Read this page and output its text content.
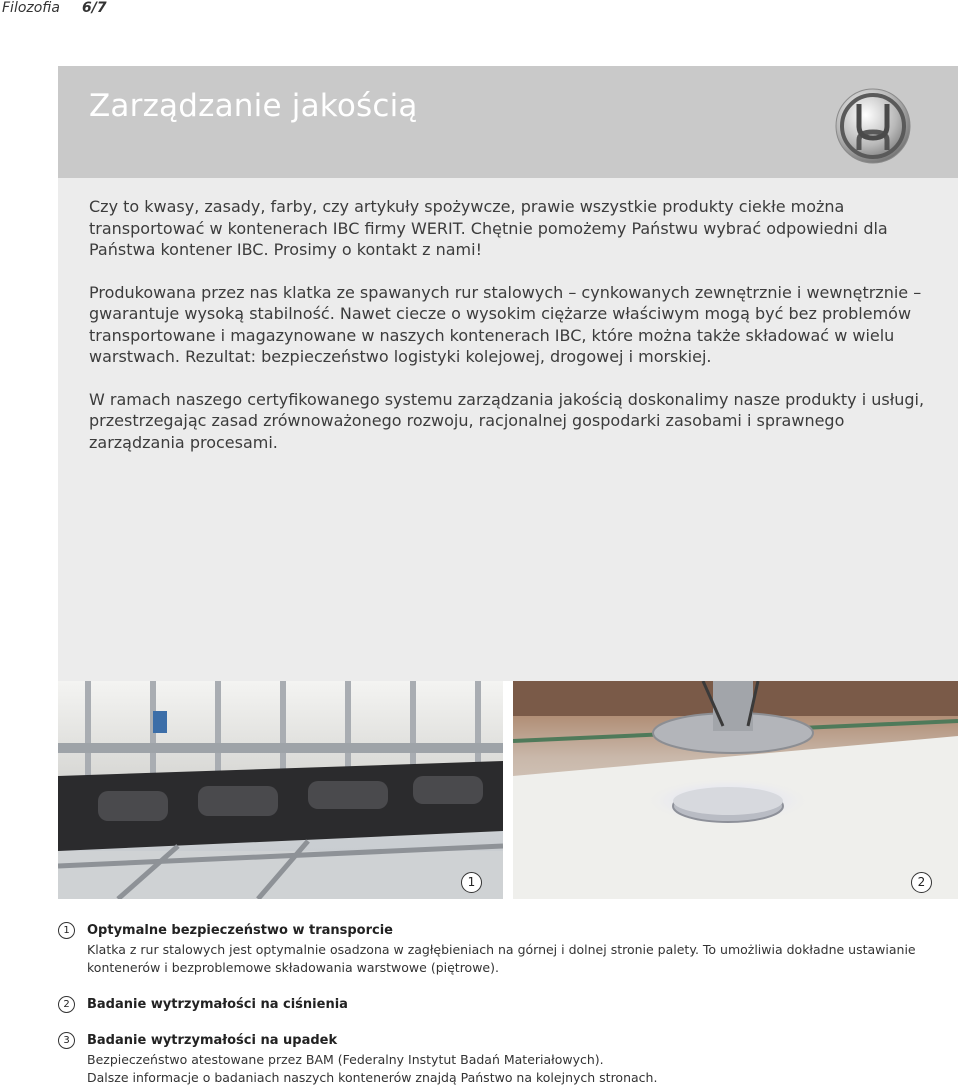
Filozofia 6/7
Zarządzanie jakością

Czy to kwasy, zasady, farby, czy artykuły spożywcze, prawie wszystkie produkty ciekłe można transportować w kontenerach IBC firmy WERIT. Chętnie pomożemy Państwu wybrać odpowiedni dla Państwa kontener IBC. Prosimy o kontakt z nami!

Produkowana przez nas klatka ze spawanych rur stalowych – cynkowanych zewnętrznie i wewnętrznie – gwarantuje wysoką stabilność. Nawet ciecze o wysokim ciężarze właściwym mogą być bez problemów transportowane i magazynowane w naszych kontenerach IBC, które można także składować w wielu warstwach. Rezultat: bezpieczeństwo logistyki kolejowej, drogowej i morskiej.

W ramach naszego certyfikowanego systemu zarządzania jakością doskonalimy nasze produkty i usługi, przestrzegając zasad zrównoważonego rozwoju, racjonalnej gospodarki zasobami i sprawnego zarządzania procesami.

1	2
1	Optymalne bezpieczeństwo w transporcie
Klatka z rur stalowych jest optymalnie osadzona w zagłębieniach na górnej i dolnej stronie palety. To umożliwia dokładne ustawianie
kontenerów i bezproblemowe składowania warstwowe (piętrowe).
2	Badanie wytrzymałości na ciśnienia
3	Badanie wytrzymałości na upadek
Bezpieczeństwo atestowane przez BAM (Federalny Instytut Badań Materiałowych).
Dalsze informacje o badaniach naszych kontenerów znajdą Państwo na kolejnych stronach.
